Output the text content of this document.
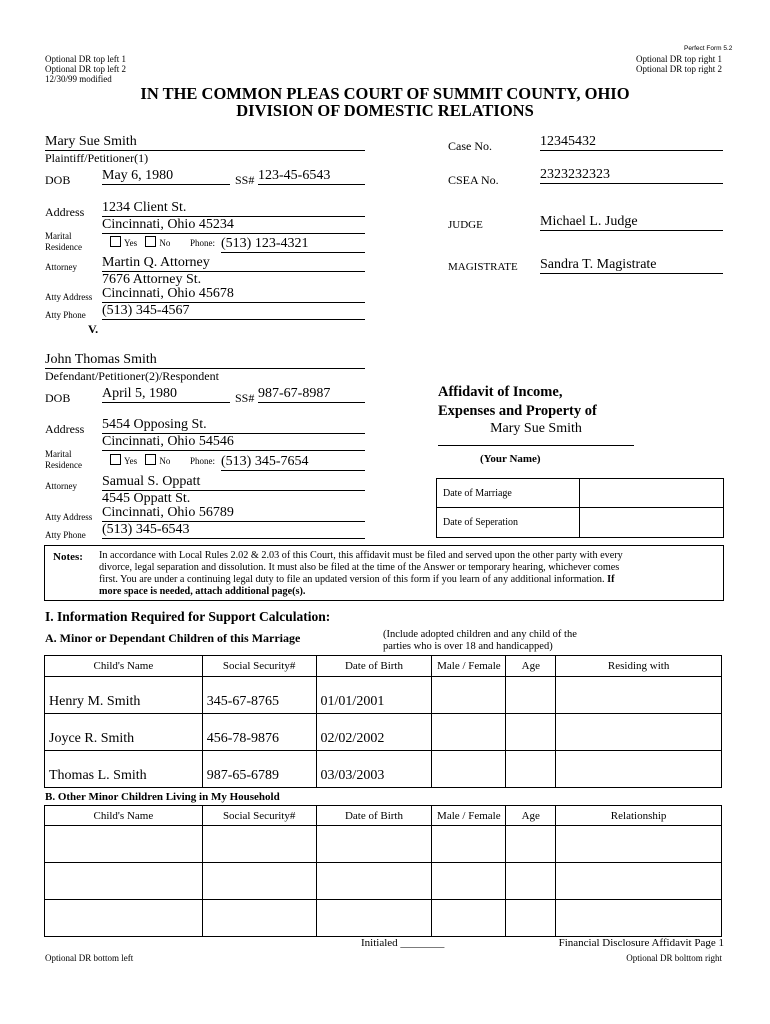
Perfect Form 5.2
Optional DR top left 1
Optional DR top left 2
12/30/99 modified
Optional DR top right 1
Optional DR top right 2
IN THE COMMON PLEAS COURT OF SUMMIT COUNTY, OHIO
DIVISION OF DOMESTIC RELATIONS
Mary Sue Smith
Plaintiff/Petitioner(1)
DOB May 6, 1980	SS# 123-45-6543
Address 1234 Client St.
Cincinnati, Ohio 45234
Marital
Residence	Yes No Phone: (513) 123-4321
Attorney Martin Q. Attorney
7676 Attorney St.
Atty Address Cincinnati, Ohio 45678
Atty Phone (513) 345-4567
V.
Case No.	12345432
CSEA No.	2323232323
JUDGE	Michael L. Judge
MAGISTRATE Sandra T. Magistrate
John Thomas Smith
Defendant/Petitioner(2)/Respondent
DOB April 5, 1980	SS# 987-67-8987
Address 5454 Opposing St.
Cincinnati, Ohio 54546
Marital
Residence	Yes No Phone: (513) 345-7654
Attorney Samual S. Oppatt
4545 Oppatt St.
Atty Address Cincinnati, Ohio 56789
Atty Phone (513) 345-6543
Affidavit of Income,
Expenses and Property of
Mary Sue Smith
(Your Name)
Date of Marriage
Date of Seperation
Notes: In accordance with Local Rules 2.02 & 2.03 of this Court, this affidavit must be filed and served upon the other party with every
divorce, legal separation and dissolution. It must also be filed at the time of the Answer or temporary hearing, whichever comes
first. You are under a continuing legal duty to file an updated version of this form if you learn of any additional information. If
more space is needed, attach additional page(s).
I. Information Required for Support Calculation:
A. Minor or Dependant Children of this Marriage	(Include adopted children and any child of the
parties who is over 18 and handicapped)
Child's Name	Social Security#	Date of Birth	Male / Female	Age	Residing with
Henry M. Smith	345-67-8765	01/01/2001			
Joyce R. Smith	456-78-9876	02/02/2002			
Thomas L. Smith	987-65-6789	03/03/2003			
B. Other Minor Children Living in My Household
Child's Name	Social Security#	Date of Birth	Male / Female	Age	Relationship

Initialed ________	Financial Disclosure Affidavit Page 1
Optional DR bottom left	Optional DR bolttom right
